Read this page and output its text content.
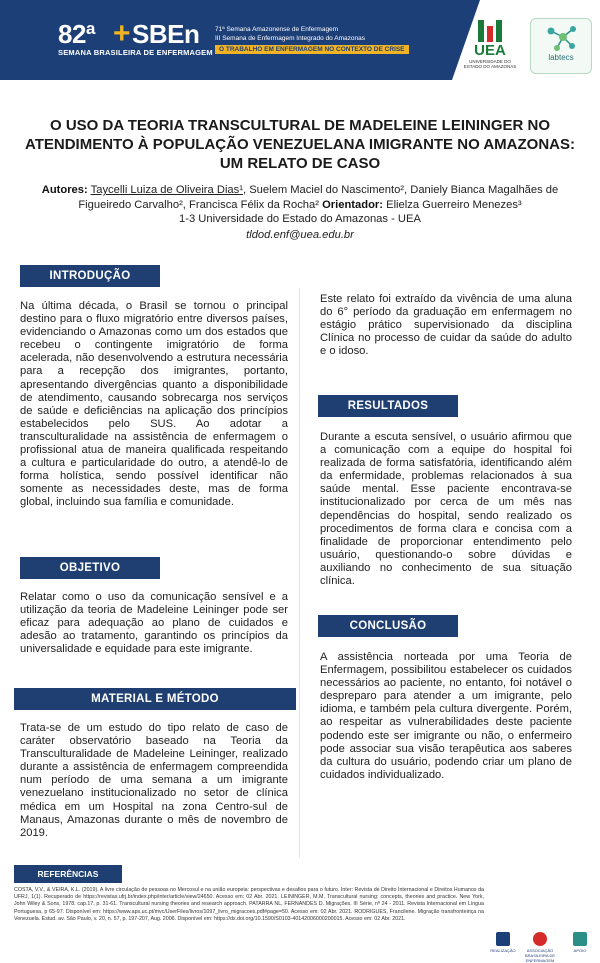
82ª + SBEn
SEMANA BRASILEIRA DE ENFERMAGEM
71ª Semana Amazonense de Enfermagem
III Semana de Enfermagem Integrado do Amazonas
O TRABALHO EM ENFERMAGEM NO CONTEXTO DE CRISE	UEA
UNIVERSIDADE DO ESTADO DO AMAZONAS
labtecs
O USO DA TEORIA TRANSCULTURAL DE MADELEINE LEININGER NO ATENDIMENTO À POPULAÇÃO VENEZUELANA IMIGRANTE NO AMAZONAS: UM RELATO DE CASO
Autores: Taycelli Luiza de Oliveira Dias¹, Suelem Maciel do Nascimento², Daniely Bianca Magalhães de Figueiredo Carvalho², Francisca Félix da Rocha² Orientador: Elielza Guerreiro Menezes³
1-3 Universidade do Estado do Amazonas - UEA
tldod.enf@uea.edu.br
INTRODUÇÃO
Na última década, o Brasil se tornou o principal destino para o fluxo migratório entre diversos países, evidenciando o Amazonas como um dos estados que recebeu o contingente imigratório de forma acelerada, não desenvolvendo a estrutura necessária para a recepção dos imigrantes, portanto, apresentando divergências quanto a disponibilidade de atendimento, causando sobrecarga nos serviços de saúde e deficiências na aplicação dos princípios estabelecidos pelo SUS. Ao adotar a transculturalidade na assistência de enfermagem o profissional atua de maneira qualificada respeitando a cultura e particularidade do outro, a atendê-lo de forma holística, sendo possível identificar não somente as necessidades deste, mas de forma global, incluindo sua família e comunidade.
OBJETIVO
Relatar como o uso da comunicação sensível e a utilização da teoria de Madeleine Leininger pode ser eficaz para adequação ao plano de cuidados e adesão ao tratamento, garantindo os princípios da universalidade e equidade para este imigrante.
MATERIAL E MÉTODO
Trata-se de um estudo do tipo relato de caso de caráter observatório baseado na Teoria da Transculturalidade de Madeleine Leininger, realizado durante a assistência de enfermagem compreendida num período de uma semana a um imigrante venezuelano institucionalizado no setor de clínica médica em um Hospital na zona Centro-sul de Manaus, Amazonas durante o mês de novembro de 2019.
Este relato foi extraído da vivência de uma aluna do 6° período da graduação em enfermagem no estágio prático supervisionado da disciplina Clínica no processo de cuidar da saúde do adulto e o idoso.
RESULTADOS
Durante a escuta sensível, o usuário afirmou que a comunicação com a equipe do hospital foi realizada de forma satisfatória, identificando além da enfermidade, problemas relacionados à sua saúde mental. Esse paciente encontrava-se institucionalizado por cerca de um mês nas dependências do hospital, sendo realizado os procedimentos de forma clara e concisa com a finalidade de proporcionar entendimento pelo usuário, questionando-o sobre dúvidas e auxiliando no conhecimento de sua situação clínica.
CONCLUSÃO
A assistência norteada por uma Teoria de Enfermagem, possibilitou estabelecer os cuidados necessários ao paciente, no entanto, foi notável o despreparo para atender a um imigrante, pelo idioma, e também pela cultura divergente. Porém, ao respeitar as vulnerabilidades deste paciente podendo este ser imigrante ou não, o enfermeiro pode associar sua visão terapêutica aos saberes da cultura do usuário, podendo criar um plano de cuidados individualizado.
REFERÊNCIAS
COSTA, V.V., & VEIRA, K.L. (2019). A livre circulação de pessoas no Mercosul e na união europeia: perspectivas e desafios para o futuro. Inter: Revista de Direito Internacional e Direitos Humanos da UFRJ, 1(1). Recuperado de https://revistas.ufrj.br/index.php/inter/article/view/24650. Acesso em: 02 Abr. 2021. LEININGER, M.M. Transcultural nursing: concepts, theories and practice. New York, John Wiley & Sons, 1978. cap.17, p. 31-61. Transcultural nursing theories and research approach. PATARRA NL, FERNANDES D. Migrações. III Série, nº 24 - 2011. Revista Internacional em Língua Portuguesa, p 65-97. Disponível em: https://www.aps.uc.pt/mvc/UserFiles/livros/1097_livro_migracoes.pdf#page=50. Acesso em: 02 Abr. 2021. RODRIGUES, Francilene. Migração transfronteiriça na Venezuela. Estud. av. São Paulo, v. 20, n. 57, p. 197-207, Aug. 2006. Disponível em: https://dx.doi.org/10.1590/S0103-40142006000200015. Acesso em: 02 Abr. 2021.
REALIZAÇÃO	ASSOCIAÇÃO BRASILEIRA DE ENFERMAGEM
APOIO
